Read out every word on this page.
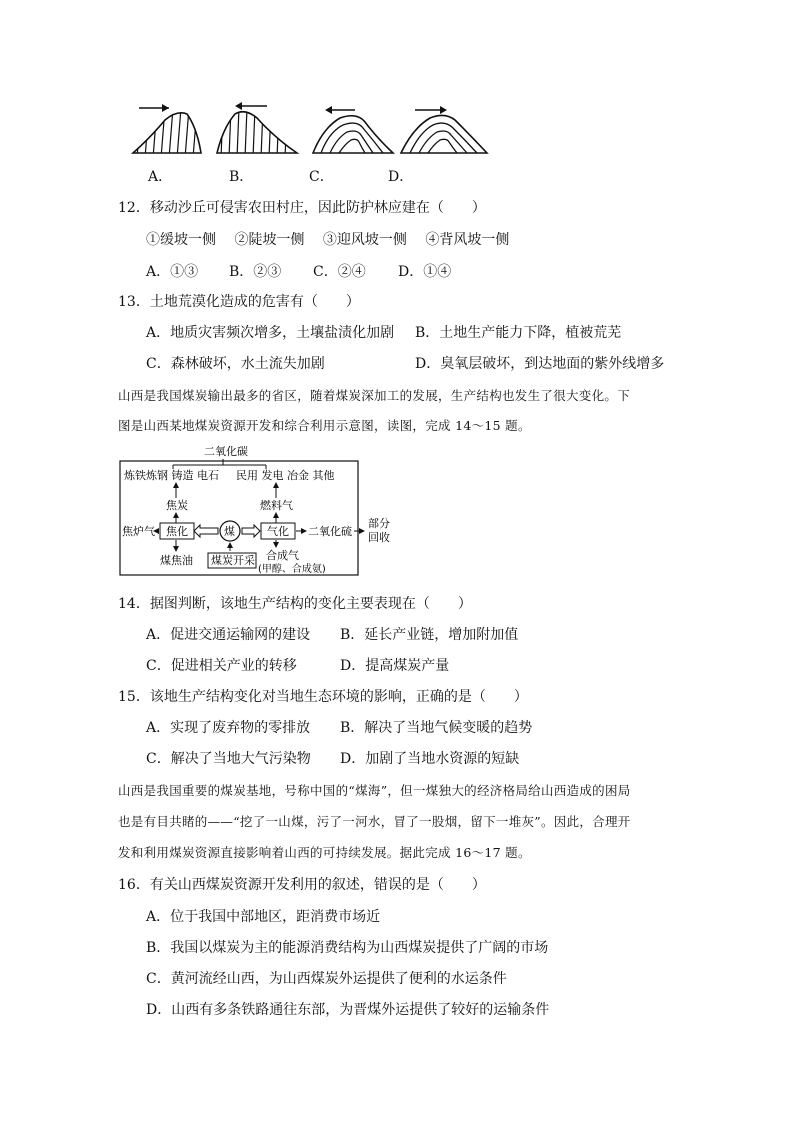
A．	B．	C．	D．
12．移动沙丘可侵害农田村庄，因此防护林应建在（　　）
①缓坡一侧　 ②陡坡一侧　 ③迎风坡一侧　 ④背风坡一侧
A．①③ B．②③ C．②④ D．①④
13．土地荒漠化造成的危害有（　　）
A．地质灾害频次增多，土壤盐渍化加剧 B．土地生产能力下降，植被荒芜
C．森林破坏，水土流失加剧	D．臭氧层破坏，到达地面的紫外线增多
山西是我国煤炭输出最多的省区，随着煤炭深加工的发展，生产结构也发生了很大变化。下
图是山西某地煤炭资源开发和综合利用示意图，读图，完成 14～15 题。
二氧化碳
炼铁炼钢 铸造 电石 民用 发电 冶金 其他
焦炭	燃料气
焦炉气 焦化	煤	气化 二氧化硫
部分
回收
煤焦油 煤炭开采 合成气
(甲醇、合成氨)
14．据图判断，该地生产结构的变化主要表现在（　　）
A．促进交通运输网的建设 B．延长产业链，增加附加值
C．促进相关产业的转移	D．提高煤炭产量
15．该地生产结构变化对当地生态环境的影响，正确的是（　　）
A．实现了废弃物的零排放 B．解决了当地气候变暖的趋势
C．解决了当地大气污染物 D．加剧了当地水资源的短缺
山西是我国重要的煤炭基地，号称中国的“煤海”，但一煤独大的经济格局给山西造成的困局
也是有目共睹的——“挖了一山煤，污了一河水，冒了一股烟，留下一堆灰”。因此，合理开
发和利用煤炭资源直接影响着山西的可持续发展。据此完成 16～17 题。
16．有关山西煤炭资源开发利用的叙述，错误的是（　　）
A．位于我国中部地区，距消费市场近
B．我国以煤炭为主的能源消费结构为山西煤炭提供了广阔的市场
C．黄河流经山西，为山西煤炭外运提供了便利的水运条件
D．山西有多条铁路通往东部，为晋煤外运提供了较好的运输条件
